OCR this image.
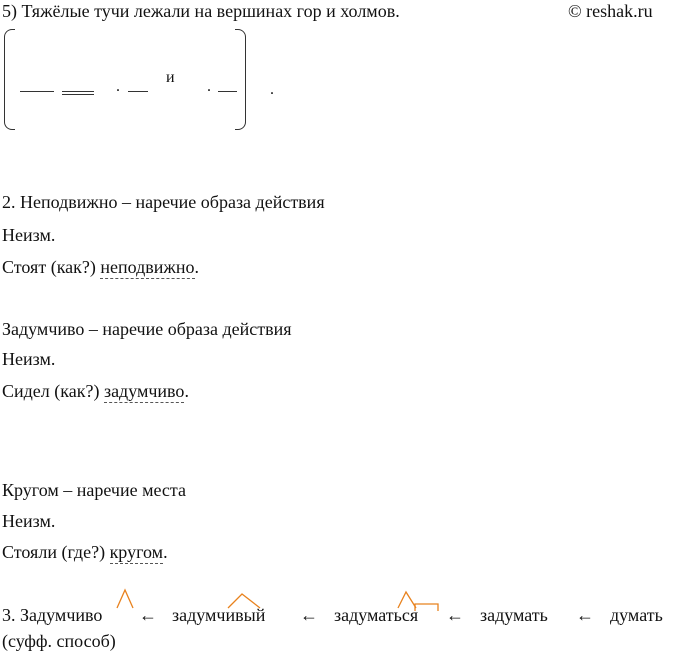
5) Тяжёлые тучи лежали на вершинах гор и холмов.	© reshak.ru
.
и
.	.
2. Неподвижно – наречие образа действия
Неизм.
Стоят (как?) неподвижно.
Задумчиво – наречие образа действия
Неизм.
Сидел (как?) задумчиво.
Кругом – наречие места
Неизм.
Стояли (где?) кругом.
3. Задумчиво ← задумчивый ← задуматься ← задумать ← думать
(суфф. способ)
